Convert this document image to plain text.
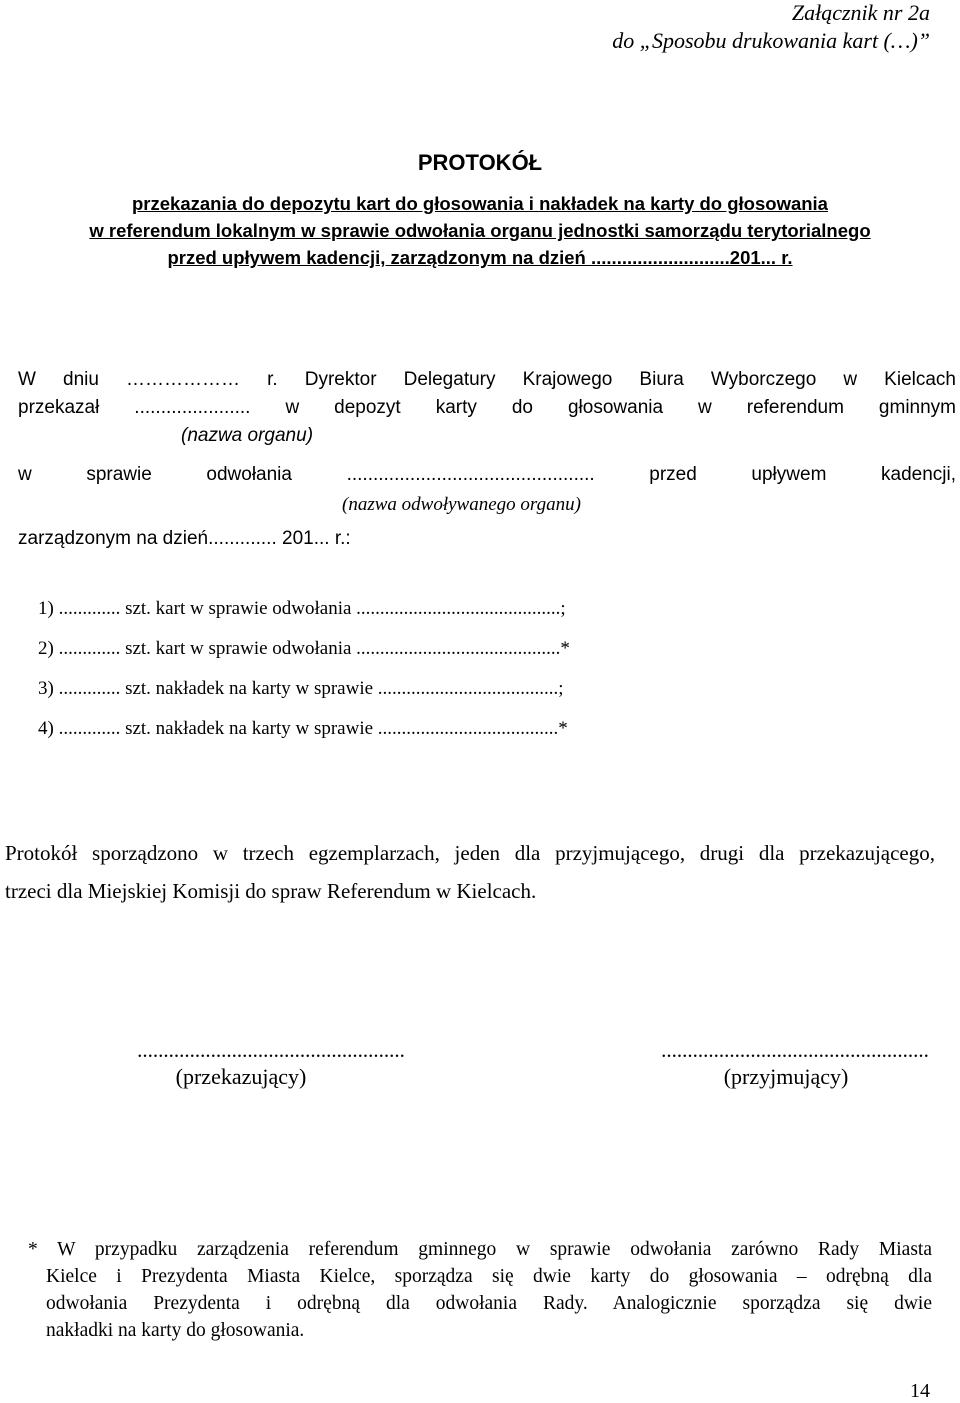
Załącznik nr 2a
do „Sposobu drukowania kart (…)”
PROTOKÓŁ
przekazania do depozytu kart do głosowania i nakładek na karty do głosowania
w referendum lokalnym w sprawie odwołania organu jednostki samorządu terytorialnego
przed upływem kadencji, zarządzonym na dzień ...........................201... r.
W dniu ……………… r. Dyrektor Delegatury Krajowego Biura Wyborczego w Kielcach
przekazał ...................... w depozyt karty do głosowania w referendum gminnym
(nazwa organu)
w sprawie odwołania ............................................... przed upływem kadencji,
(nazwa odwoływanego organu)
zarządzonym na dzień............. 201... r.:
1) ............. szt. kart w sprawie odwołania ...........................................;
2) ............. szt. kart w sprawie odwołania ...........................................*
3) ............. szt. nakładek na karty w sprawie ......................................;
4) ............. szt. nakładek na karty w sprawie ......................................*
Protokół sporządzono w trzech egzemplarzach, jeden dla przyjmującego, drugi dla przekazującego,
trzeci dla Miejskiej Komisji do spraw Referendum w Kielcach.
...................................................
(przekazujący)
...................................................
(przyjmujący)
* W przypadku zarządzenia referendum gminnego w sprawie odwołania zarówno Rady Miasta
Kielce i Prezydenta Miasta Kielce, sporządza się dwie karty do głosowania – odrębną dla
odwołania Prezydenta i odrębną dla odwołania Rady. Analogicznie sporządza się dwie
nakładki na karty do głosowania.
14
